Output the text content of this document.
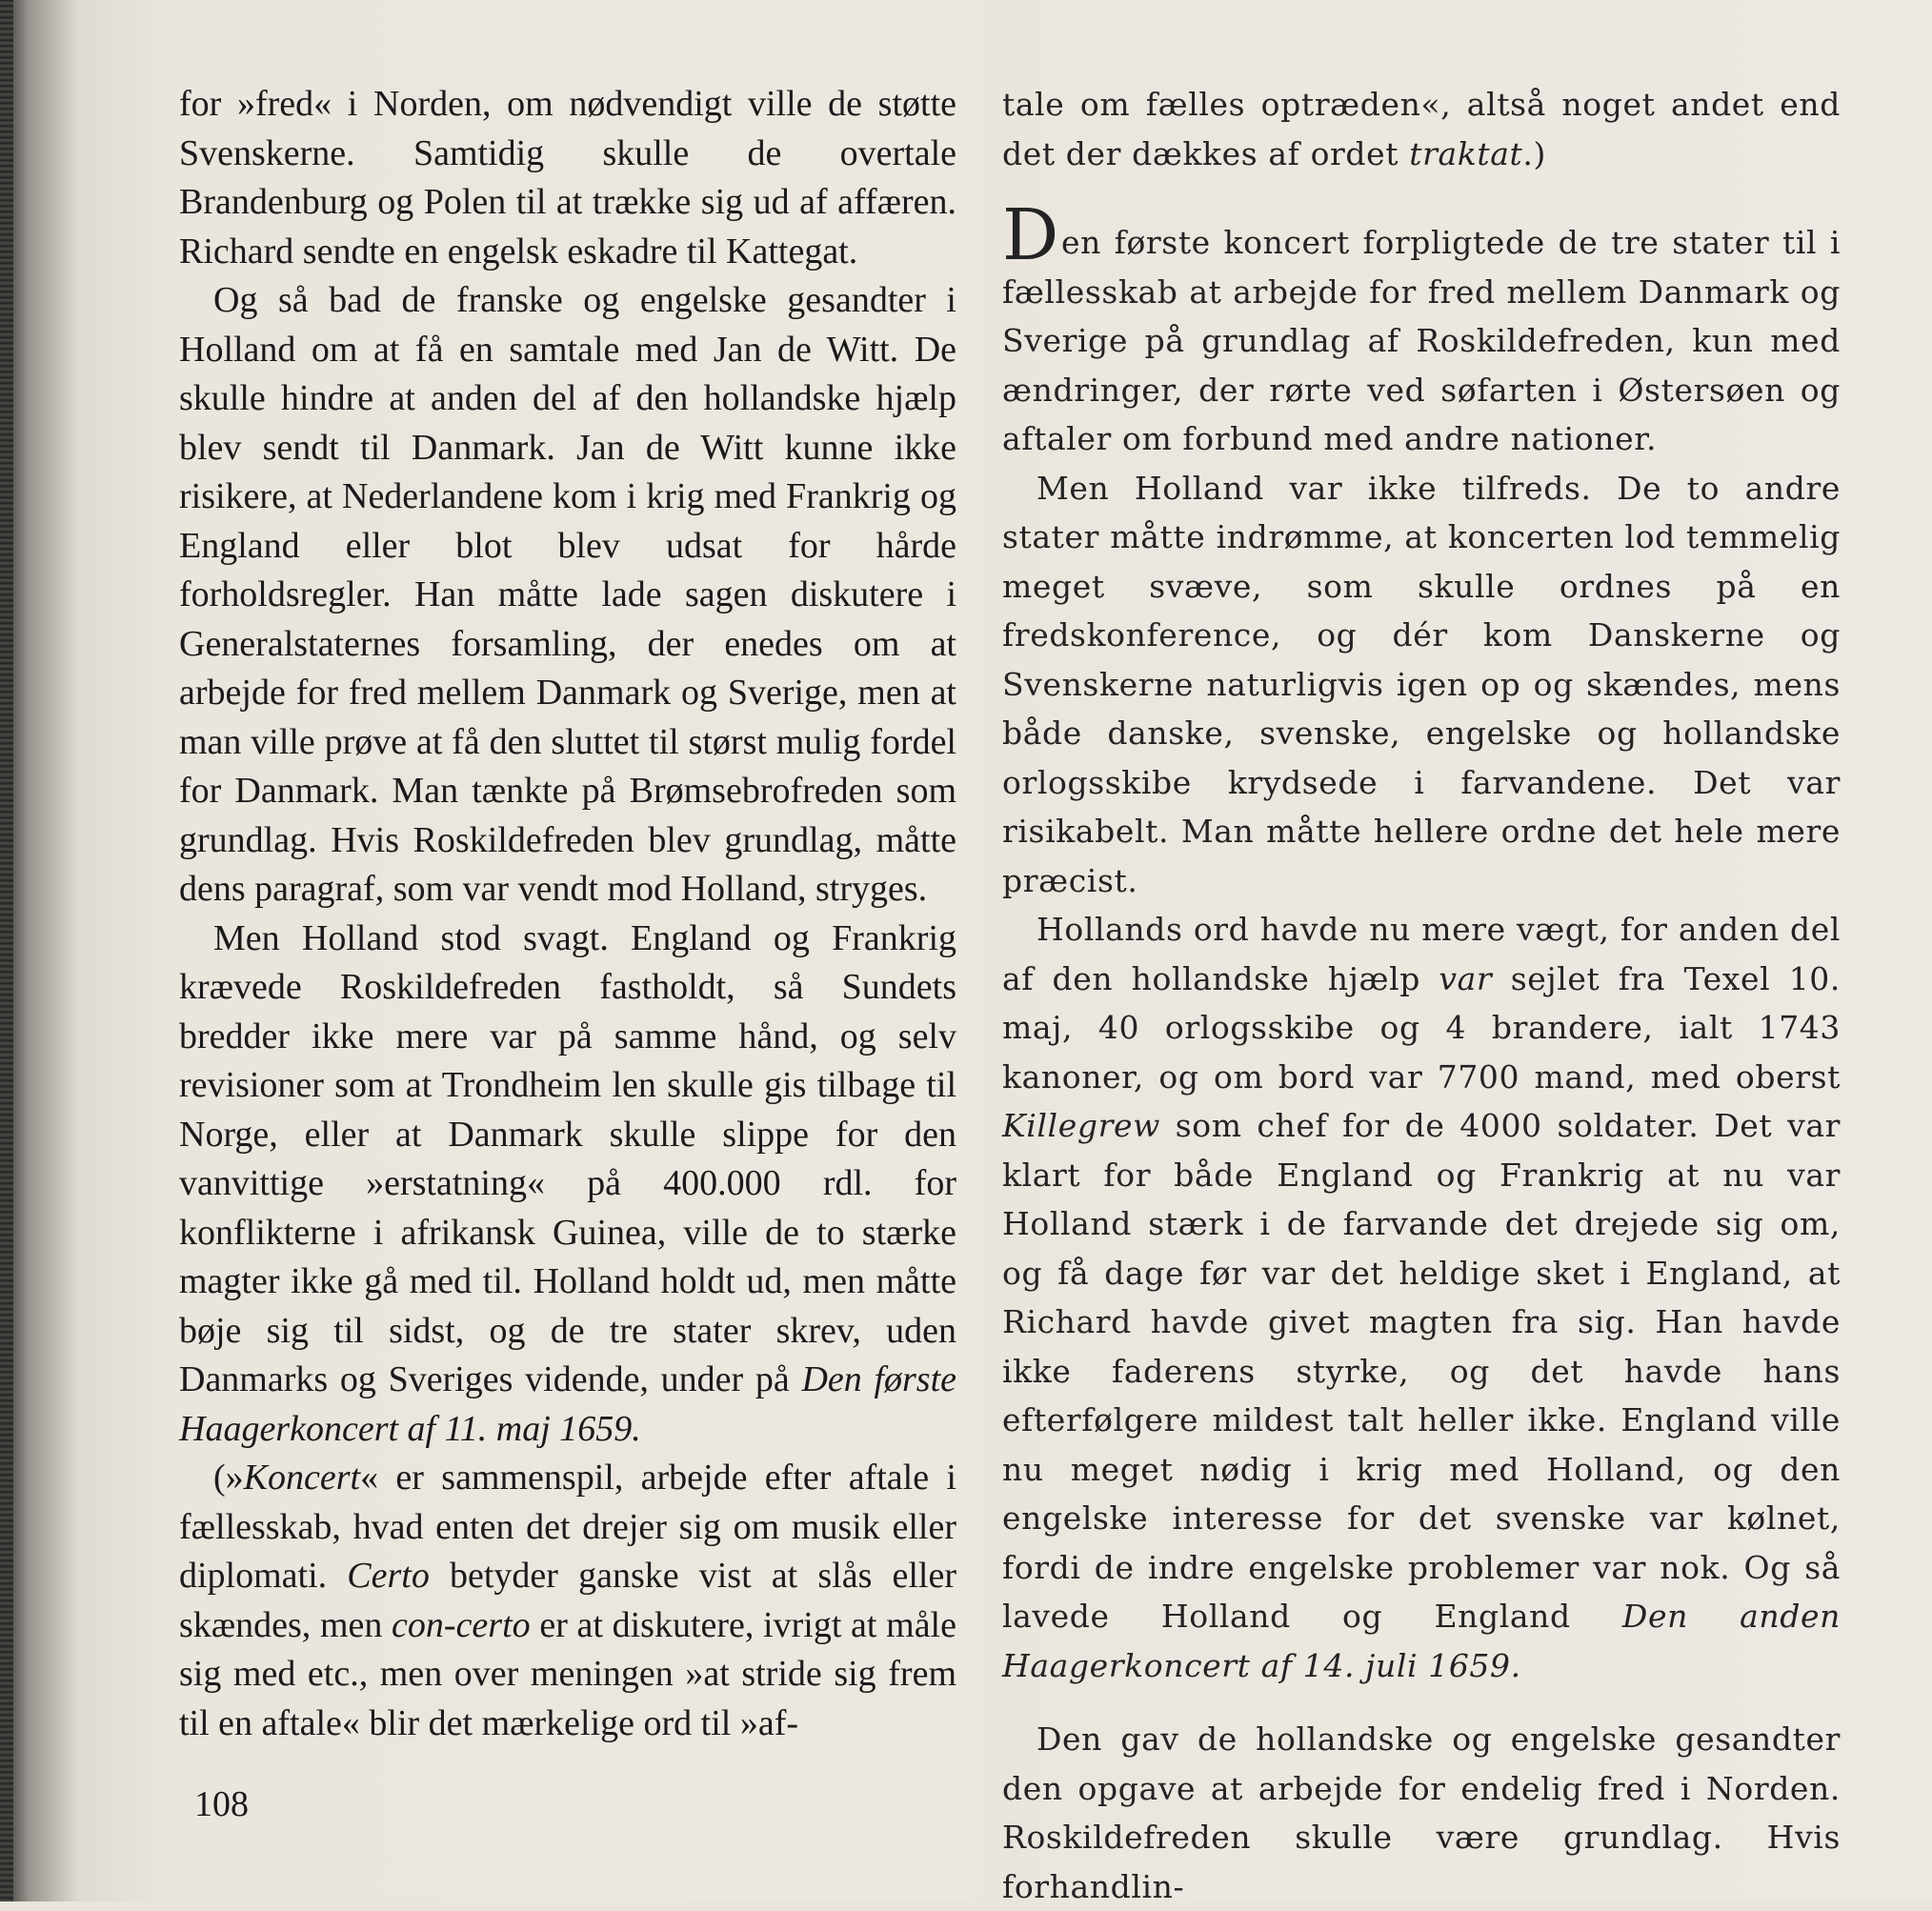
for »fred« i Norden, om nødvendigt ville de støtte Svenskerne. Samtidig skulle de overtale Brandenburg og Polen til at trække sig ud af affæren. Richard sendte en engelsk eskadre til Kattegat.

Og så bad de franske og engelske gesandter i Holland om at få en samtale med Jan de Witt. De skulle hindre at anden del af den hollandske hjælp blev sendt til Danmark. Jan de Witt kunne ikke risikere, at Nederlandene kom i krig med Frankrig og England eller blot blev udsat for hårde forholdsregler. Han måtte lade sagen diskutere i Generalstaternes forsamling, der enedes om at arbejde for fred mellem Danmark og Sverige, men at man ville prøve at få den sluttet til størst mulig fordel for Danmark. Man tænkte på Brømsebrofreden som grundlag. Hvis Roskildefreden blev grundlag, måtte dens paragraf, som var vendt mod Holland, stryges.

Men Holland stod svagt. England og Frankrig krævede Roskildefreden fastholdt, så Sundets bredder ikke mere var på samme hånd, og selv revisioner som at Trondheim len skulle gis tilbage til Norge, eller at Danmark skulle slippe for den vanvittige »erstatning« på 400.000 rdl. for konflikterne i afrikansk Guinea, ville de to stærke magter ikke gå med til. Holland holdt ud, men måtte bøje sig til sidst, og de tre stater skrev, uden Danmarks og Sveriges vidende, under på Den første Haagerkoncert af 11. maj 1659.

(»Koncert« er sammenspil, arbejde efter aftale i fællesskab, hvad enten det drejer sig om musik eller diplomati. Certo betyder ganske vist at slås eller skændes, men con-certo er at diskutere, ivrigt at måle sig med etc., men over meningen »at stride sig frem til en aftale« blir det mærkelige ord til »af-

tale om fælles optræden«, altså noget andet end det der dækkes af ordet traktat.)

Den første koncert forpligtede de tre stater til i fællesskab at arbejde for fred mellem Danmark og Sverige på grundlag af Roskildefreden, kun med ændringer, der rørte ved søfarten i Østersøen og aftaler om forbund med andre nationer.

Men Holland var ikke tilfreds. De to andre stater måtte indrømme, at koncerten lod temmelig meget svæve, som skulle ordnes på en fredskonference, og dér kom Danskerne og Svenskerne naturligvis igen op og skændes, mens både danske, svenske, engelske og hollandske orlogsskibe krydsede i farvandene. Det var risikabelt. Man måtte hellere ordne det hele mere præcist.

Hollands ord havde nu mere vægt, for anden del af den hollandske hjælp var sejlet fra Texel 10. maj, 40 orlogsskibe og 4 brandere, ialt 1743 kanoner, og om bord var 7700 mand, med oberst Killegrew som chef for de 4000 soldater. Det var klart for både England og Frankrig at nu var Holland stærk i de farvande det drejede sig om, og få dage før var det heldige sket i England, at Richard havde givet magten fra sig. Han havde ikke faderens styrke, og det havde hans efterfølgere mildest talt heller ikke. England ville nu meget nødig i krig med Holland, og den engelske interesse for det svenske var kølnet, fordi de indre engelske problemer var nok. Og så lavede Holland og England Den anden Haagerkoncert af 14. juli 1659.

Den gav de hollandske og engelske gesandter den opgave at arbejde for endelig fred i Norden. Roskildefreden skulle være grundlag. Hvis forhandlin-

108
